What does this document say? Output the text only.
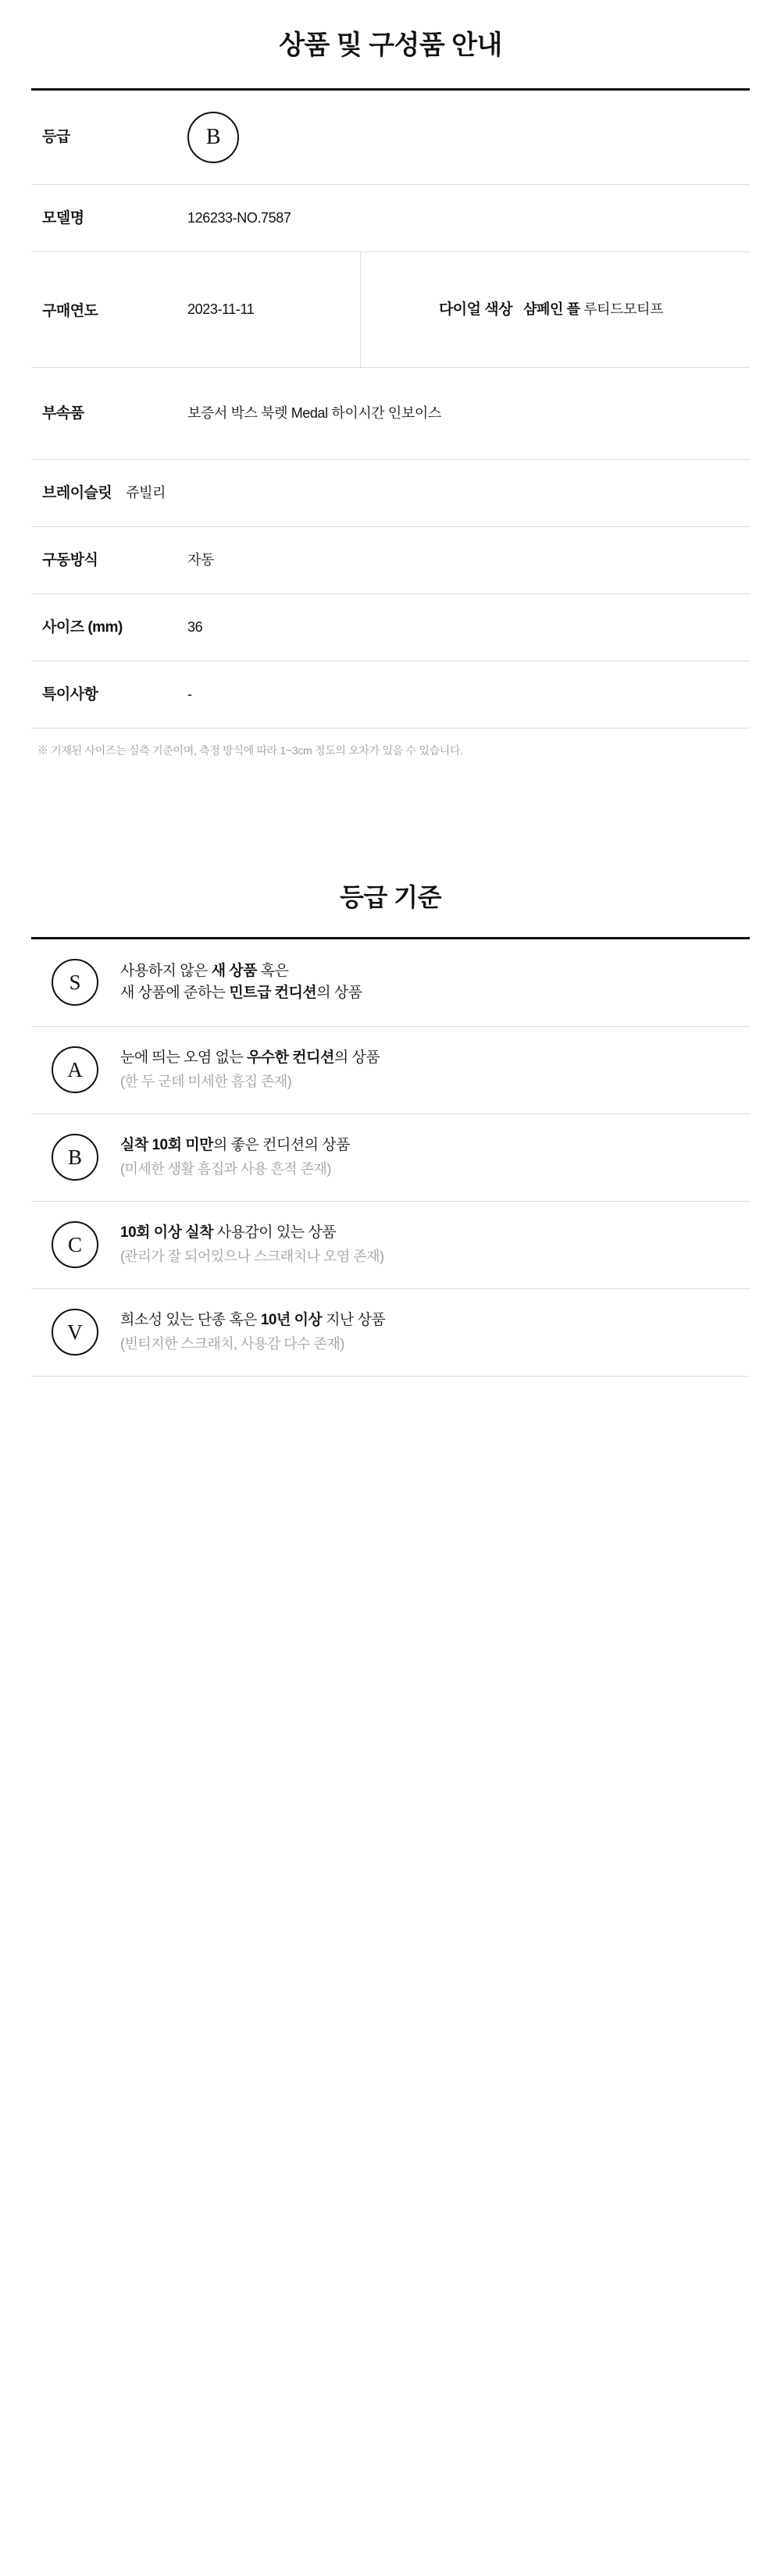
상품 및 구성품 안내
등급	B
모델명	126233-NO.7587
구매연도	2023-11-11	다이얼 색상 샴페인 플 루티드모티프
부속품	보증서 박스 북렛 Medal 하이시간 인보이스
브레이슬릿 쥬빌리
구동방식	자동
사이즈 (mm)	36
특이사항	-
※ 기재된 사이즈는 실측 기준이며, 측정 방식에 따라 1~3cm 정도의 오차가 있을 수 있습니다.
등급 기준
S	사용하지 않은 새 상품 혹은
새 상품에 준하는 민트급 컨디션의 상품
A
눈에 띄는 오염 없는 우수한 컨디션의 상품
(한 두 군데 미세한 흠집 존재)
B
실착 10회 미만의 좋은 컨디션의 상품
(미세한 생활 흠집과 사용 흔적 존재)
C
10회 이상 실착 사용감이 있는 상품
(관리가 잘 되어있으나 스크래치나 오염 존재)
V
희소성 있는 단종 혹은 10년 이상 지난 상품
(빈티지한 스크래치, 사용감 다수 존재)
